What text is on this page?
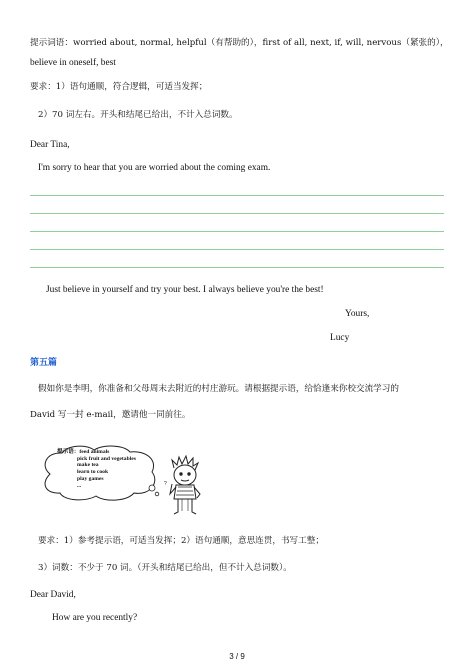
提示词语：worried about, normal, helpful（有帮助的），first of all, next, if, will, nervous（紧张的），
believe in oneself, best
要求：1）语句通顺，符合逻辑，可适当发挥；
2）70 词左右。开头和结尾已给出，不计入总词数。
Dear Tina,
I'm sorry to hear that you are worried about the coming exam.
Just believe in yourself and try your best. I always believe you're the best!
Yours,
Lucy
第五篇
假如你是李明，你准备和父母周末去附近的村庄游玩。请根据提示语，给恰逢来你校交流学习的
David 写一封 e-mail，邀请他一同前往。
提示语：feed animals
pick fruit and vegetables
make tea
learn to cook
play games
...	?
要求：1）参考提示语，可适当发挥；2）语句通顺，意思连贯，书写工整；
3）词数：不少于 70 词。（开头和结尾已给出，但不计入总词数）。
Dear David,
How are you recently?
3 / 9
